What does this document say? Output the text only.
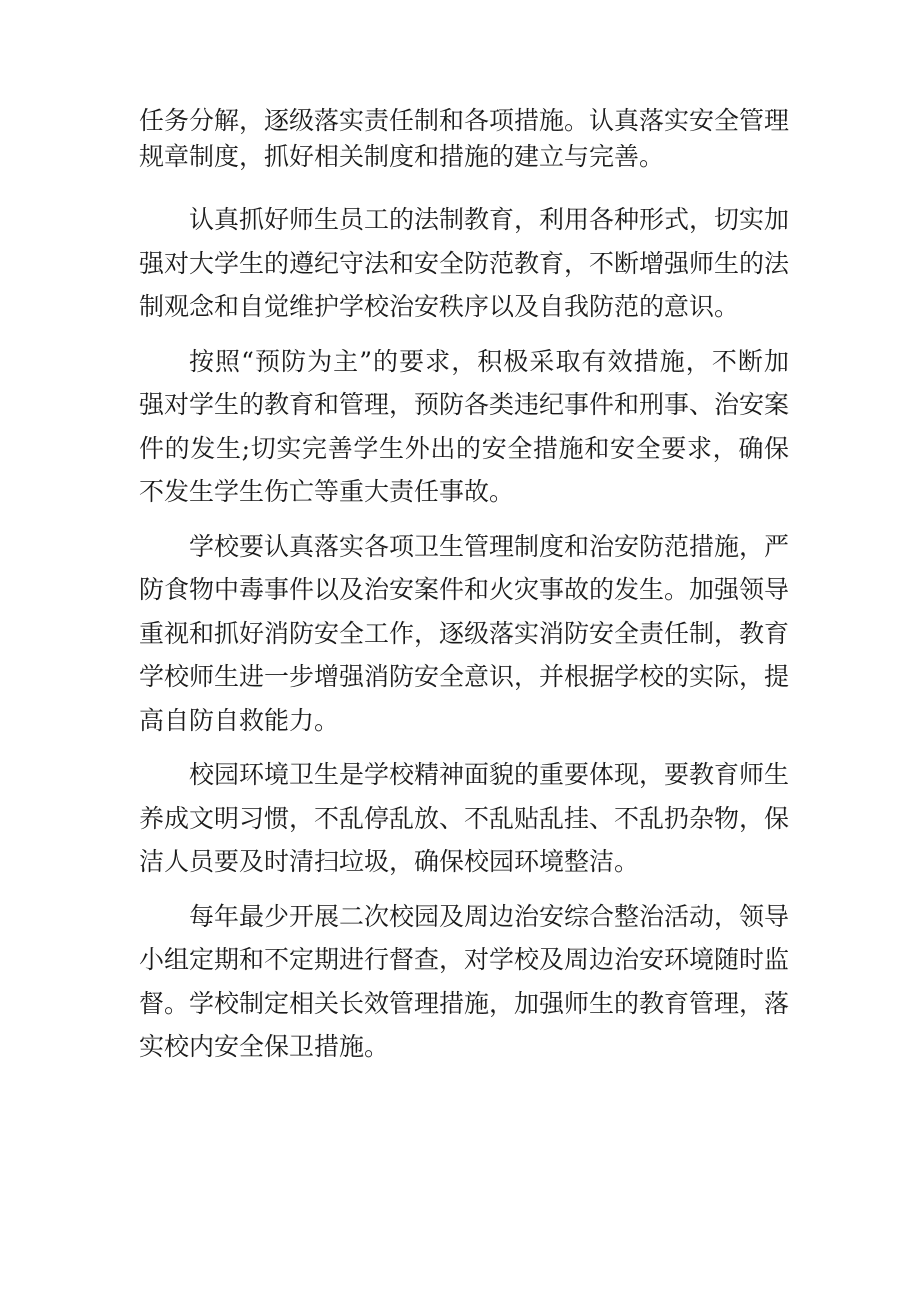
任务分解，逐级落实责任制和各项措施。认真落实安全管理规章制度，抓好相关制度和措施的建立与完善。

认真抓好师生员工的法制教育，利用各种形式，切实加强对大学生的遵纪守法和安全防范教育，不断增强师生的法制观念和自觉维护学校治安秩序以及自我防范的意识。

按照“预防为主”的要求，积极采取有效措施，不断加强对学生的教育和管理，预防各类违纪事件和刑事、治安案件的发生;切实完善学生外出的安全措施和安全要求，确保不发生学生伤亡等重大责任事故。

学校要认真落实各项卫生管理制度和治安防范措施，严防食物中毒事件以及治安案件和火灾事故的发生。加强领导重视和抓好消防安全工作，逐级落实消防安全责任制，教育学校师生进一步增强消防安全意识，并根据学校的实际，提高自防自救能力。

校园环境卫生是学校精神面貌的重要体现，要教育师生养成文明习惯，不乱停乱放、不乱贴乱挂、不乱扔杂物，保洁人员要及时清扫垃圾，确保校园环境整洁。

每年最少开展二次校园及周边治安综合整治活动，领导小组定期和不定期进行督查，对学校及周边治安环境随时监督。学校制定相关长效管理措施，加强师生的教育管理，落实校内安全保卫措施。
